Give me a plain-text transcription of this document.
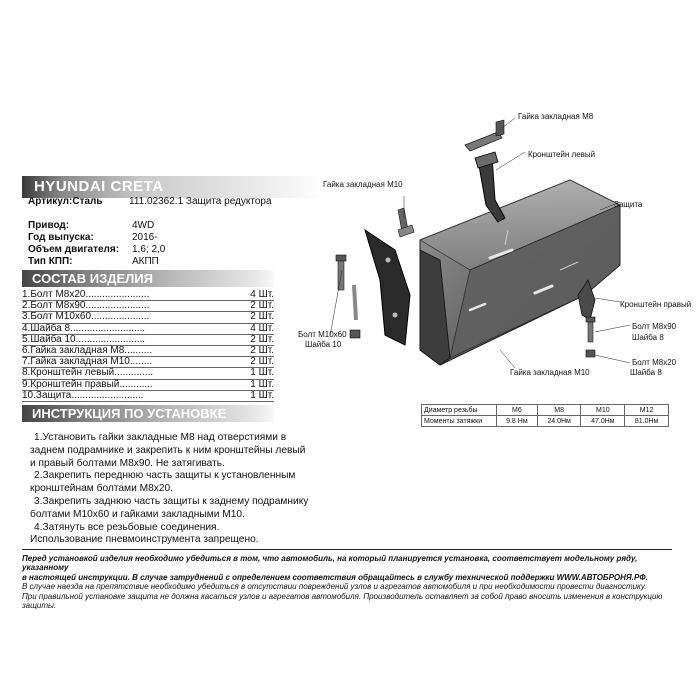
HYUNDAI CRETA
Артикул:Сталь	111.02362.1 Защита редуктора
Привод:	4WD
Год выпуска:	2016-
Объем двигателя: 1,6; 2,0
Тип КПП:	АКПП
СОСТАВ ИЗДЕЛИЯ
1.Болт М8х20.......................	4 Шт.
2.Болт М8х90.......................	2 Шт.
3.Болт М10х60.....................	2 Шт.
4.Шайба 8...........................	4 Шт.
5.Шайба 10.........................	2 Шт.
6.Гайка закладная М8..........	2 Шт.
7.Гайка закладная М10........	2 Шт.
8.Кронштейн левый..............	1 Шт.
9.Кронштейн правый............	1 Шт.
10.Защита..........................	1 Шт.
ИНСТРУКЦИЯ ПО УСТАНОВКЕ

1.Установить гайки закладные М8 над отверстиями в

заднем подрамнике и закрепить к ним кронштейны левый

и правый болтами М8х90. Не затягивать.

2.Закрепить переднюю часть защиты к установленным

кронштейнам болтами М8х20.

3.Закрепить заднюю часть защиты к заднему подрамнику

болтами М10х60 и гайками закладными М10.

4.Затянуть все резьбовые соединения.

Использование пневмоинструмента запрещено.

Перед установкой изделия необходимо убедиться в том, что автомобиль, на который планируется установка, соответствует модельному ряду, указанному

в настоящей инструкции. В случае затруднений с определением соответствия обращайтесь в службу технической поддержки WWW.АВТОБРОНЯ.РФ.

В случае наезда на препятствие необходимо убедиться в отсутствии повреждений узлов и агрегатов автомобиля и при необходимости провести диагностику.

При правильной установке защита не должна касаться узлов и агрегатов автомобиля. Производитель оставляет за собой право вносить изменения в конструкцию защиты.

Диаметр резьбы	М6	М8	М10	М12
Моменты затяжки	9.8 Нм	24.0Нм	47.0Нм	81.0Нм
Гайка закладная М8
Кронштейн левый
Гайка закладная М10
Защита
Кронштейн правый
Болт М10х60
Шайба 10
Болт М8х90
Шайба 8
Болт М8х20
Шайба 8
Гайка закладная М10
